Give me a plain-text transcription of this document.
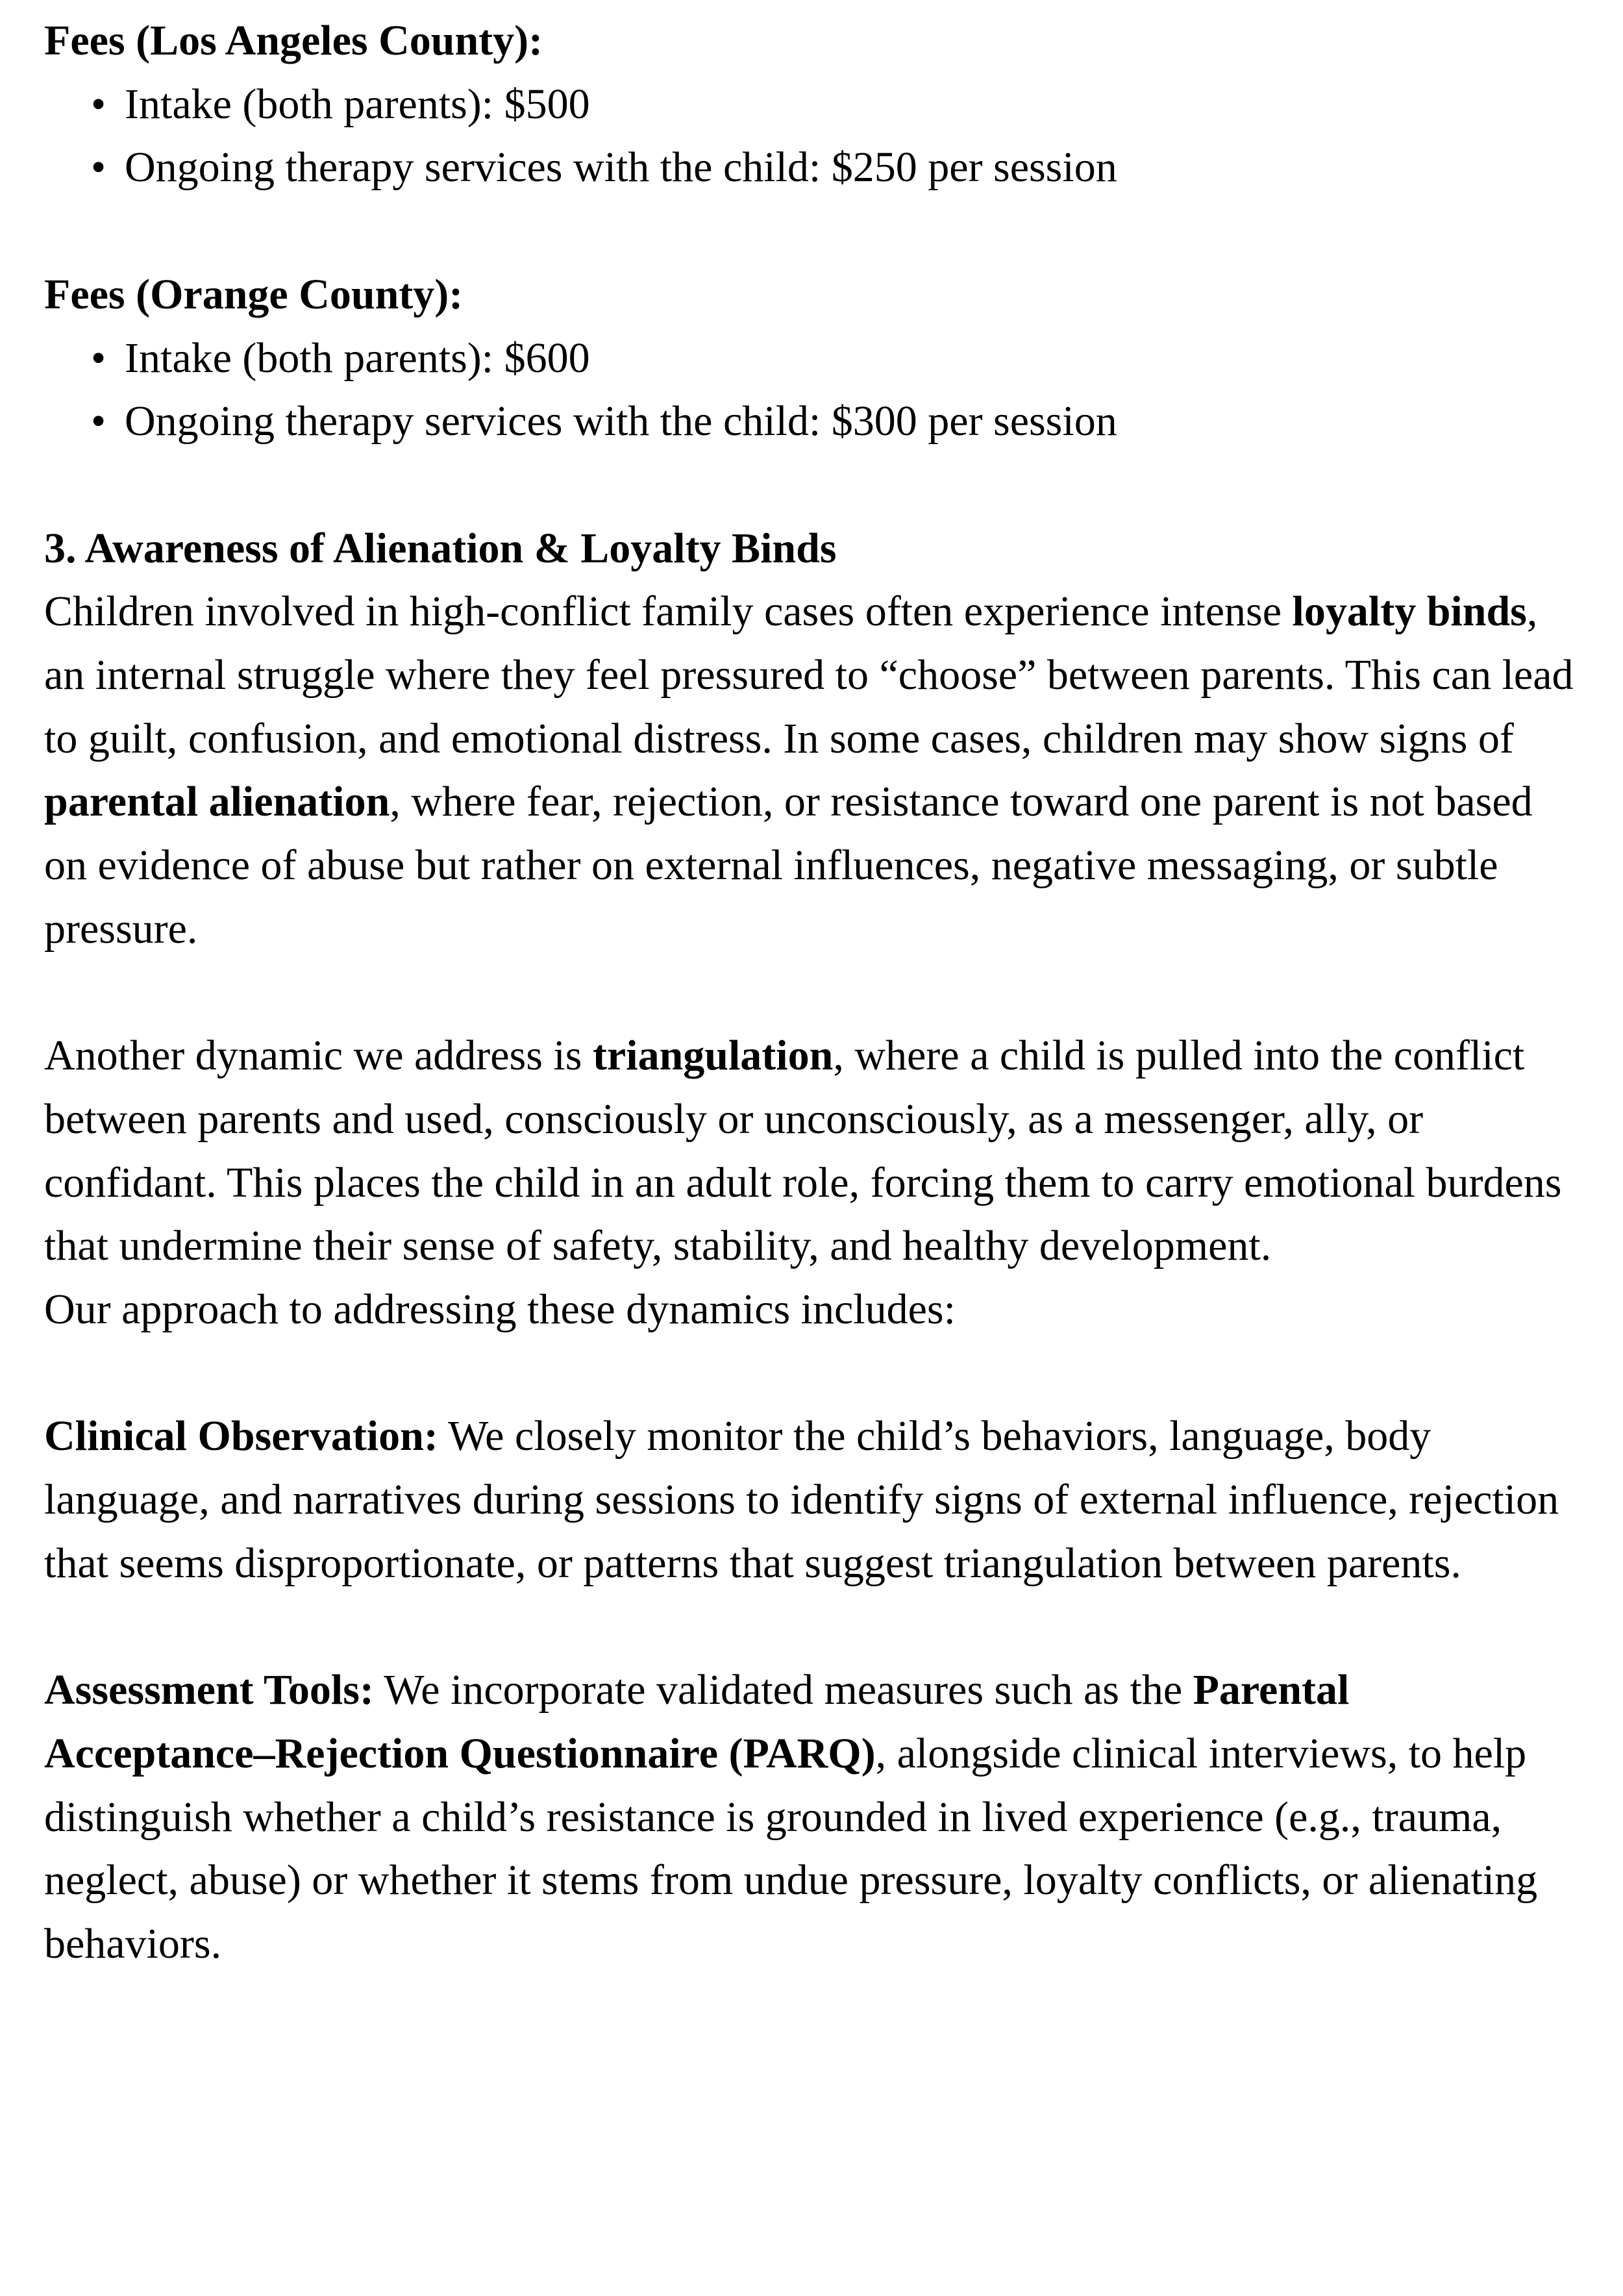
Fees (Los Angeles County):
• Intake (both parents): $500
• Ongoing therapy services with the child: $250 per session
Fees (Orange County):
• Intake (both parents): $600
• Ongoing therapy services with the child: $300 per session
3. Awareness of Alienation & Loyalty Binds

Children involved in high-conflict family cases often experience intense loyalty binds, an internal struggle where they feel pressured to “choose” between parents. This can lead to guilt, confusion, and emotional distress. In some cases, children may show signs of parental alienation, where fear, rejection, or resistance toward one parent is not based on evidence of abuse but rather on external influences, negative messaging, or subtle pressure.

Another dynamic we address is triangulation, where a child is pulled into the conflict between parents and used, consciously or unconsciously, as a messenger, ally, or confidant. This places the child in an adult role, forcing them to carry emotional burdens that undermine their sense of safety, stability, and healthy development.

Our approach to addressing these dynamics includes:

Clinical Observation: We closely monitor the child’s behaviors, language, body language, and narratives during sessions to identify signs of external influence, rejection that seems disproportionate, or patterns that suggest triangulation between parents.

Assessment Tools: We incorporate validated measures such as the Parental Acceptance–Rejection Questionnaire (PARQ), alongside clinical interviews, to help distinguish whether a child’s resistance is grounded in lived experience (e.g., trauma, neglect, abuse) or whether it stems from undue pressure, loyalty conflicts, or alienating behaviors.
